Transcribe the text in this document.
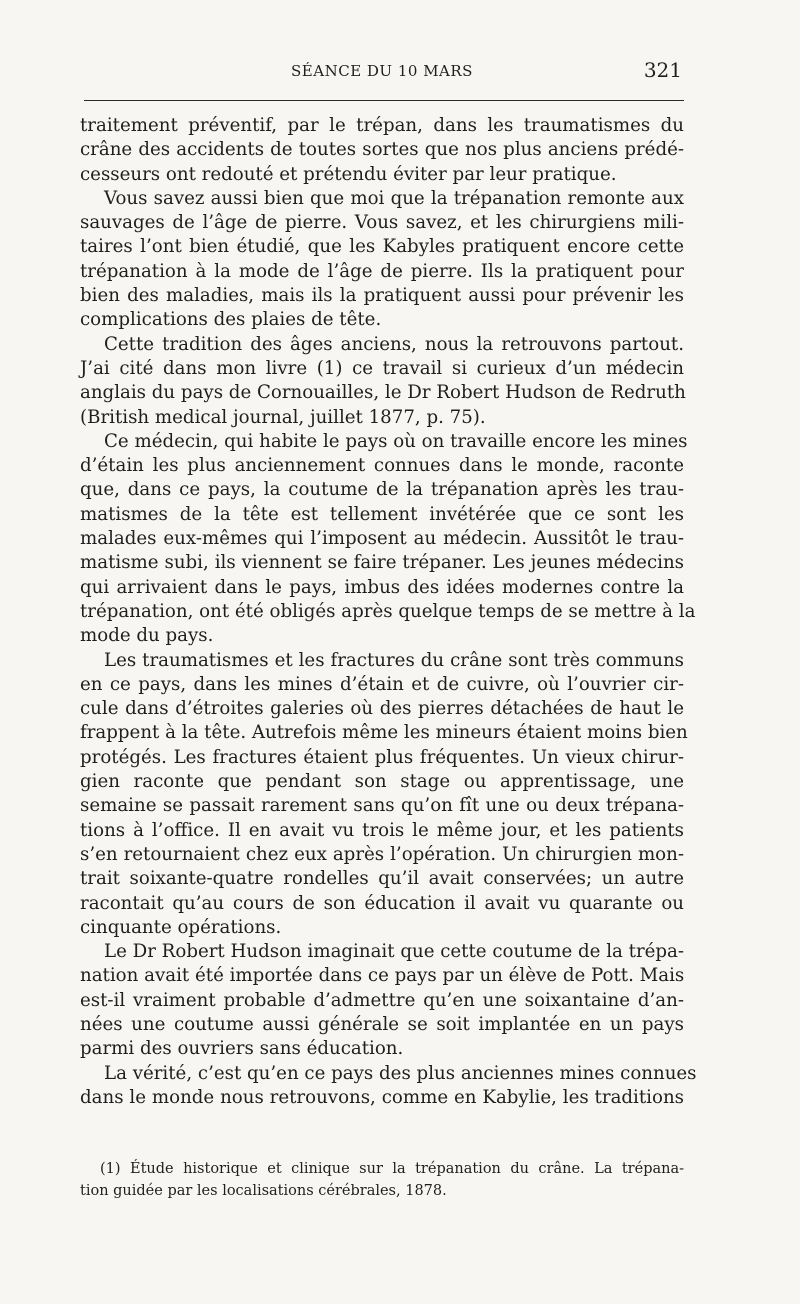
SÉANCE DU 10 MARS	321
traitement préventif, par le trépan, dans les traumatismes du
crâne des accidents de toutes sortes que nos plus anciens prédé-
cesseurs ont redouté et prétendu éviter par leur pratique.
Vous savez aussi bien que moi que la trépanation remonte aux
sauvages de l’âge de pierre. Vous savez, et les chirurgiens mili-
taires l’ont bien étudié, que les Kabyles pratiquent encore cette
trépanation à la mode de l’âge de pierre. Ils la pratiquent pour
bien des maladies, mais ils la pratiquent aussi pour prévenir les
complications des plaies de tête.
Cette tradition des âges anciens, nous la retrouvons partout.
J’ai cité dans mon livre (1) ce travail si curieux d’un médecin
anglais du pays de Cornouailles, le Dr Robert Hudson de Redruth
(British medical journal, juillet 1877, p. 75).
Ce médecin, qui habite le pays où on travaille encore les mines
d’étain les plus anciennement connues dans le monde, raconte
que, dans ce pays, la coutume de la trépanation après les trau-
matismes de la tête est tellement invétérée que ce sont les
malades eux-mêmes qui l’imposent au médecin. Aussitôt le trau-
matisme subi, ils viennent se faire trépaner. Les jeunes médecins
qui arrivaient dans le pays, imbus des idées modernes contre la
trépanation, ont été obligés après quelque temps de se mettre à la
mode du pays.
Les traumatismes et les fractures du crâne sont très communs
en ce pays, dans les mines d’étain et de cuivre, où l’ouvrier cir-
cule dans d’étroites galeries où des pierres détachées de haut le
frappent à la tête. Autrefois même les mineurs étaient moins bien
protégés. Les fractures étaient plus fréquentes. Un vieux chirur-
gien raconte que pendant son stage ou apprentissage, une
semaine se passait rarement sans qu’on fît une ou deux trépana-
tions à l’office. Il en avait vu trois le même jour, et les patients
s’en retournaient chez eux après l’opération. Un chirurgien mon-
trait soixante-quatre rondelles qu’il avait conservées; un autre
racontait qu’au cours de son éducation il avait vu quarante ou
cinquante opérations.
Le Dr Robert Hudson imaginait que cette coutume de la trépa-
nation avait été importée dans ce pays par un élève de Pott. Mais
est-il vraiment probable d’admettre qu’en une soixantaine d’an-
nées une coutume aussi générale se soit implantée en un pays
parmi des ouvriers sans éducation.
La vérité, c’est qu’en ce pays des plus anciennes mines connues
dans le monde nous retrouvons, comme en Kabylie, les traditions
(1) Étude historique et clinique sur la trépanation du crâne. La trépana-
tion guidée par les localisations cérébrales, 1878.
